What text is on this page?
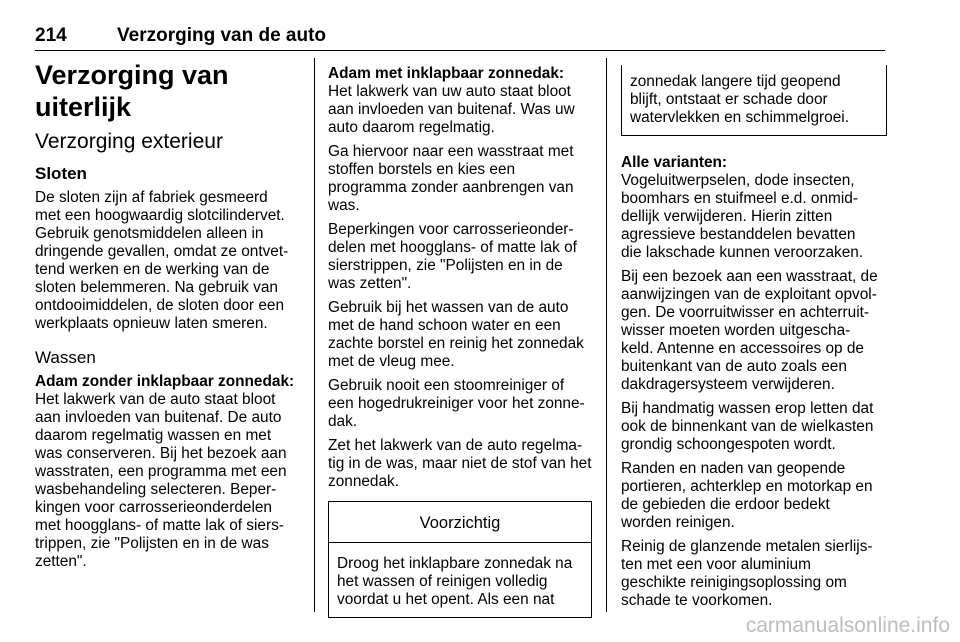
214	Verzorging van de auto
Verzorging van uiterlijk
Verzorging exterieur
Sloten

De sloten zijn af fabriek gesmeerd
met een hoogwaardig slotcilindervet.
Gebruik genotsmiddelen alleen in
dringende gevallen, omdat ze ontvet-
tend werken en de werking van de
sloten belemmeren. Na gebruik van
ontdooimiddelen, de sloten door een
werkplaats opnieuw laten smeren.

Wassen
Adam zonder inklapbaar zonnedak:

Het lakwerk van de auto staat bloot
aan invloeden van buitenaf. De auto
daarom regelmatig wassen en met
was conserveren. Bij het bezoek aan
wasstraten, een programma met een
wasbehandeling selecteren. Beper-
kingen voor carrosserieonderdelen
met hoogglans- of matte lak of siers-
trippen, zie "Polijsten en in de was
zetten".

Adam met inklapbaar zonnedak:

Het lakwerk van uw auto staat bloot
aan invloeden van buitenaf. Was uw
auto daarom regelmatig.

Ga hiervoor naar een wasstraat met
stoffen borstels en kies een
programma zonder aanbrengen van
was.

Beperkingen voor carrosserieonder-
delen met hoogglans- of matte lak of
sierstrippen, zie "Polijsten en in de
was zetten".

Gebruik bij het wassen van de auto
met de hand schoon water en een
zachte borstel en reinig het zonnedak
met de vleug mee.

Gebruik nooit een stoomreiniger of
een hogedrukreiniger voor het zonne-
dak.

Zet het lakwerk van de auto regelma-
tig in de was, maar niet de stof van het
zonnedak.

Voorzichtig
Droog het inklapbare zonnedak na
het wassen of reinigen volledig
voordat u het opent. Als een nat
zonnedak langere tijd geopend
blijft, ontstaat er schade door
watervlekken en schimmelgroei.
Alle varianten:

Vogeluitwerpselen, dode insecten,
boomhars en stuifmeel e.d. onmid-
dellijk verwijderen. Hierin zitten
agressieve bestanddelen bevatten
die lakschade kunnen veroorzaken.

Bij een bezoek aan een wasstraat, de
aanwijzingen van de exploitant opvol-
gen. De voorruitwisser en achterruit-
wisser moeten worden uitgescha-
keld. Antenne en accessoires op de
buitenkant van de auto zoals een
dakdragersysteem verwijderen.

Bij handmatig wassen erop letten dat
ook de binnenkant van de wielkasten
grondig schoongespoten wordt.

Randen en naden van geopende
portieren, achterklep en motorkap en
de gebieden die erdoor bedekt
worden reinigen.

Reinig de glanzende metalen sierlijs-
ten met een voor aluminium
geschikte reinigingsoplossing om
schade te voorkomen.

carmanualsonline.info
